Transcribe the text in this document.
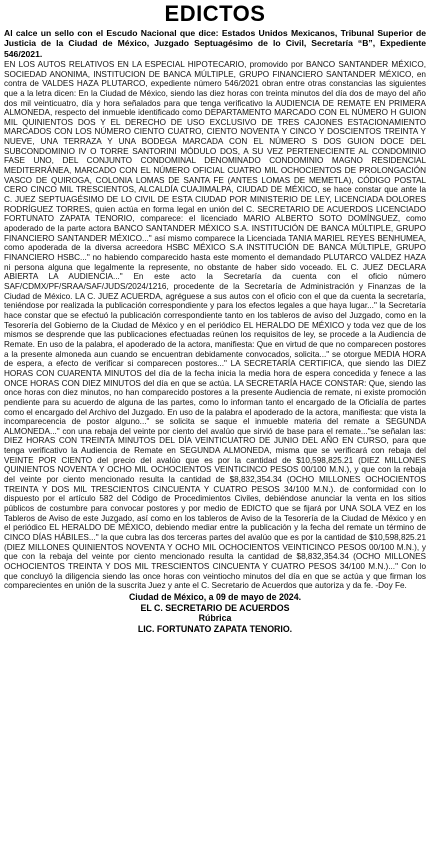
EDICTOS

Al calce un sello con el Escudo Nacional que dice: Estados Unidos Mexicanos, Tribunal Superior de Justicia de la Ciudad de México, Juzgado Septuagésimo de lo Civil, Secretaría “B”, Expediente 546/2021.

EN LOS AUTOS RELATIVOS EN LA ESPECIAL HIPOTECARIO, promovido por BANCO SANTANDER MÉXICO, SOCIEDAD ANONIMA, INSTITUCION DE BANCA MÚLTIPLE, GRUPO FINANCIERO SANTANDER MÉXICO, en contra de VALDES HAZA PLUTARCO, expediente número 546/2021 obran entre otras constancias las siguientes que a la letra dicen: En la Ciudad de México, siendo las diez horas con treinta minutos del día dos de mayo del año dos mil veinticuatro, día y hora señalados para que tenga verificativo la AUDIENCIA DE REMATE EN PRIMERA ALMONEDA, respecto del inmueble identificado como DEPARTAMENTO MARCADO CON EL NÚMERO H GUION MIL QUINIENTOS DOS Y EL DERECHO DE USO EXCLUSIVO DE TRES CAJONES ESTACIONAMIENTO MARCADOS CON LOS NÚMERO CIENTO CUATRO, CIENTO NOVENTA Y CINCO Y DOSCIENTOS TREINTA Y NUEVE, UNA TERRAZA Y UNA BODEGA MARCADA CON EL NÚMERO S DOS GUION DOCE DEL SUBCONDOMINIO IV O TORRE SANTORINI MÓDULO DOS, A SU VEZ PERTENECIENTE AL CONDOMINIO FASE UNO, DEL CONJUNTO CONDOMINAL DENOMINADO CONDOMINIO MAGNO RESIDENCIAL MEDITERRÁNEA, MARCADO CON EL NÚMERO OFICIAL CUATRO MIL OCHOCIENTOS DE PROLONGACIÓN VASCO DE QUIROGA, COLONIA LOMAS DE SANTA FE (ANTES LOMAS DE MEMETLA), CÓDIGO POSTAL CERO CINCO MIL TRESCIENTOS, ALCALDÍA CUAJIMALPA, CIUDAD DE MÉXICO, se hace constar que ante la C. JUEZ SEPTUAGÉSIMO DE LO CIVIL DE ESTA CIUDAD POR MINISTERIO DE LEY, LICENCIADA DOLORES RODRÍGUEZ TORRES, quien actúa en forma legal en unión del C. SECRETARIO DE ACUERDOS LICENCIADO FORTUNATO ZAPATA TENORIO, comparece: el licenciado MARIO ALBERTO SOTO DOMÍNGUEZ, como apoderado de la parte actora BANCO SANTANDER MÉXICO S.A. INSTITUCIÓN DE BANCA MÚLTIPLE, GRUPO FINANCIERO SANTANDER MÉXICO..." así mismo comparece la Licenciada TANIA MARIEL REYES BENHUMEA, como apoderada de la diversa acreedora HSBC MÉXICO S.A INSTITUCIÓN DE BANCA MÚLTIPLE, GRUPO FINANCIERO HSBC..." no habiendo comparecido hasta este momento el demandado PLUTARCO VALDEZ HAZA ni persona alguna que legalmente la represente, no obstante de haber sido voceado. EL C. JUEZ DECLARA ABIERTA LA AUDIENCIA..." En este acto la Secretaría da cuenta con el oficio número SAF/CDMX/PF/SRAA/SAF/JUDS/2024/1216, procedente de la Secretaría de Administración y Finanzas de la Ciudad de México. LA C. JUEZ ACUERDA, agréguese a sus autos con el oficio con el que da cuenta la secretaría, teniéndose por realizada la publicación correspondiente y para los efectos legales a que haya lugar..." la Secretaría hace constar que se efectuó la publicación correspondiente tanto en los tableros de aviso del Juzgado, como en la Tesorería del Gobierno de la Ciudad de México y en el periódico EL HERALDO DE MÉXICO y toda vez que de los mismos se desprende que las publicaciones efectuadas reúnen los requisitos de ley, se procede a la Audiencia de Remate. En uso de la palabra, el apoderado de la actora, manifiesta: Que en virtud de que no comparecen postores a la presente almoneda aun cuando se encuentran debidamente convocados, solicita..." se otorgue MEDIA HORA de espera, a efecto de verificar si comparecen postores..." LA SECRETARÍA CERTIFICA, que siendo las DIEZ HORAS CON CUARENTA MINUTOS del día de la fecha inicia la media hora de espera concedida y fenece a las ONCE HORAS CON DIEZ MINUTOS del día en que se actúa. LA SECRETARÍA HACE CONSTAR: Que, siendo las once horas con diez minutos, no han comparecido postores a la presente Audiencia de remate, ni existe promoción pendiente para su acuerdo de alguna de las partes, como lo informan tanto el encargado de la Oficialía de partes como el encargado del Archivo del Juzgado. En uso de la palabra el apoderado de la actora, manifiesta: que vista la incomparecencia de postor alguno..." se solicita se saque el inmueble materia del remate a SEGUNDA ALMONEDA..." con una rebaja del veinte por ciento del avalúo que sirvió de base para el remate..."se señalan las: DIEZ HORAS CON TREINTA MINUTOS DEL DÍA VEINTICUATRO DE JUNIO DEL AÑO EN CURSO, para que tenga verificativo la Audiencia de Remate en SEGUNDA ALMONEDA, misma que se verificará con rebaja del VEINTE POR CIENTO del precio del avalúo que es por la cantidad de $10,598,825.21 (DIEZ MILLONES QUINIENTOS NOVENTA Y OCHO MIL OCHOCIENTOS VEINTICINCO PESOS 00/100 M.N.), y que con la rebaja del veinte por ciento mencionado resulta la cantidad de $8,832,354.34 (OCHO MILLONES OCHOCIENTOS TREINTA Y DOS MIL TRESCIENTOS CINCUENTA Y CUATRO PESOS 34/100 M.N.). de conformidad con lo dispuesto por el artículo 582 del Código de Procedimientos Civiles, debiéndose anunciar la venta en los sitios públicos de costumbre para convocar postores y por medio de EDICTO que se fijará por UNA SOLA VEZ en los Tableros de Aviso de este Juzgado, así como en los tableros de Aviso de la Tesorería de la Ciudad de México y en el periódico EL HERALDO DE MÉXICO, debiendo mediar entre la publicación y la fecha del remate un término de CINCO DÍAS HÁBILES..." la que cubra las dos terceras partes del avalúo que es por la cantidad de $10,598,825.21 (DIEZ MILLONES QUINIENTOS NOVENTA Y OCHO MIL OCHOCIENTOS VEINTICINCO PESOS 00/100 M.N.), y que con la rebaja del veinte por ciento mencionado resulta la cantidad de $8,832,354.34 (OCHO MILLONES OCHOCIENTOS TREINTA Y DOS MIL TRESCIENTOS CINCUENTA Y CUATRO PESOS 34/100 M.N.)..." Con lo que concluyó la diligencia siendo las once horas con veintiocho minutos del día en que se actúa y que firman los comparecientes en unión de la suscrita Juez y ante el C. Secretario de Acuerdos que autoriza y da fe. -Doy Fe.

Ciudad de México, a 09 de mayo de 2024.

EL C. SECRETARIO DE ACUERDOS

Rúbrica

LIC. FORTUNATO ZAPATA TENORIO.
